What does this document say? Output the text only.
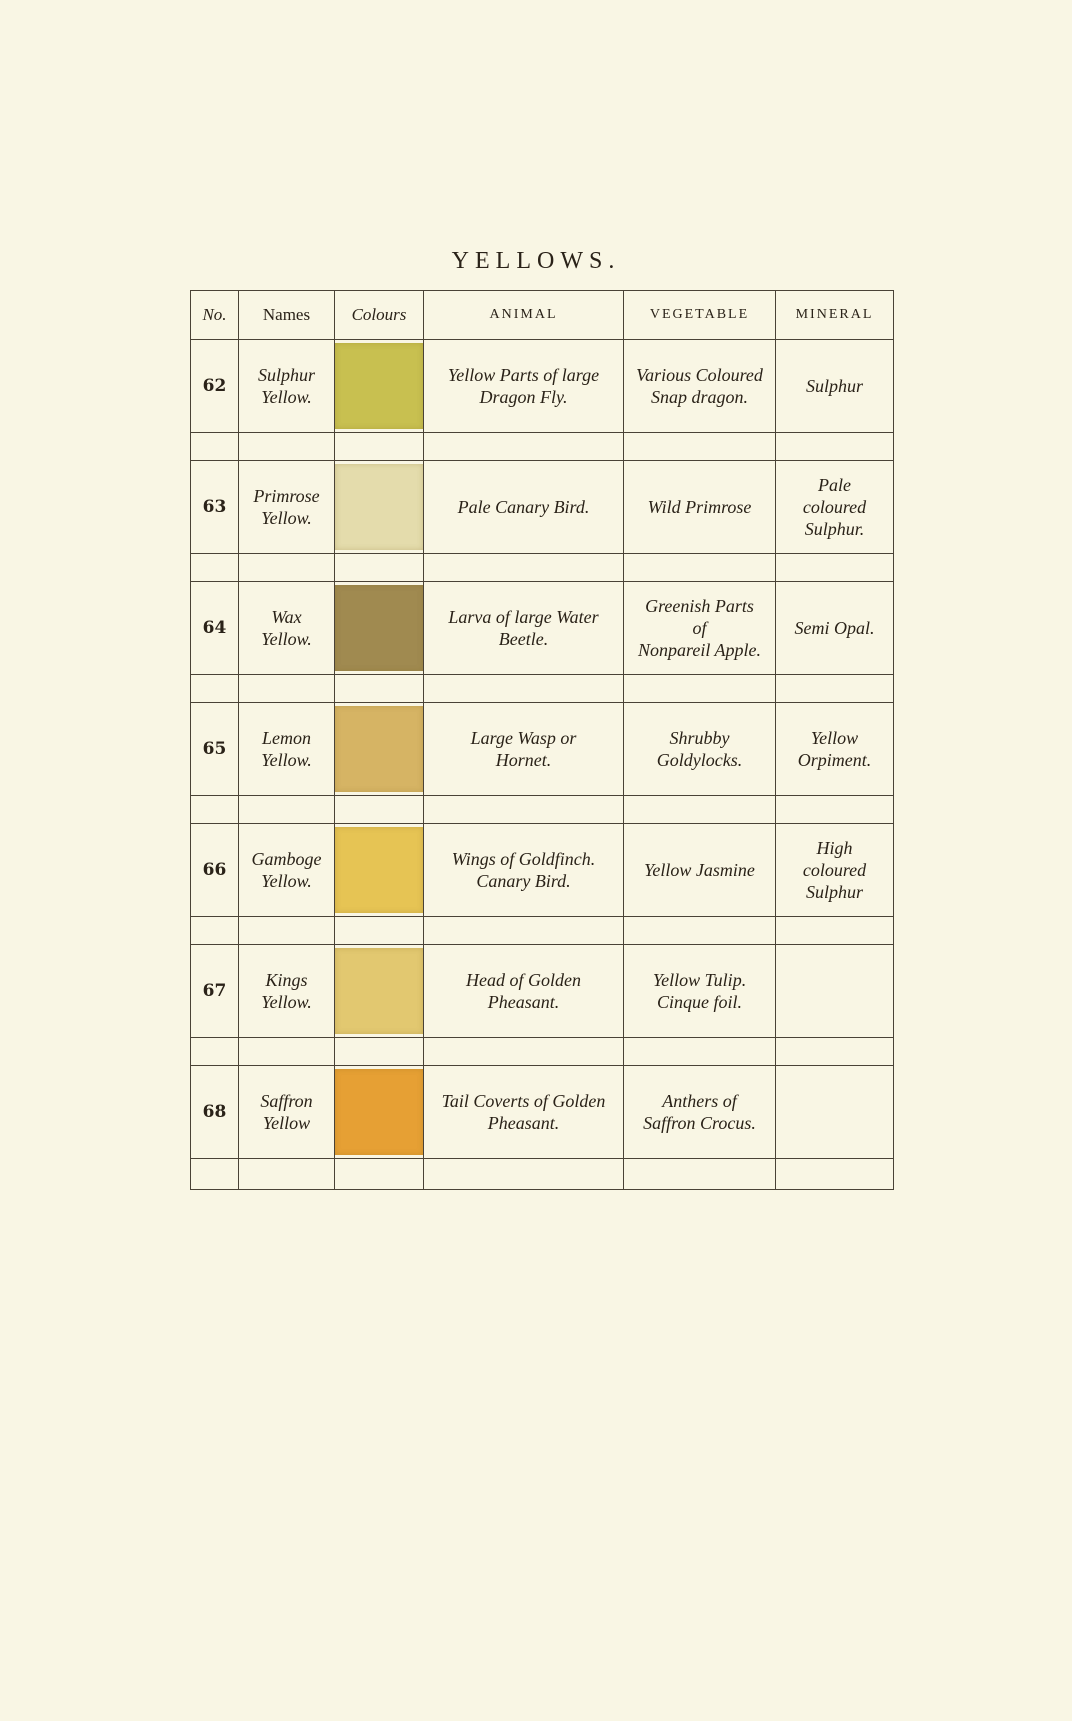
YELLOWS.
No.	Names	Colours	ANIMAL	VEGETABLE	MINERAL
62	Sulphur
Yellow.		Yellow Parts of large
Dragon Fly.	Various Coloured
Snap dragon.	Sulphur

63	Primrose
Yellow.		Pale Canary Bird.	Wild Primrose	Pale
coloured
Sulphur.

64	Wax
Yellow.		Larva of large Water
Beetle.	Greenish Parts
of
Nonpareil Apple.	Semi Opal.

65	Lemon
Yellow.		Large Wasp or
Hornet.	Shrubby
Goldylocks.	Yellow
Orpiment.

66	Gamboge
Yellow.		Wings of Goldfinch.
Canary Bird.	Yellow Jasmine	High
coloured
Sulphur

67	Kings
Yellow.		Head of Golden
Pheasant.	Yellow Tulip.
Cinque foil.	

68	Saffron
Yellow		Tail Coverts of Golden
Pheasant.	Anthers of
Saffron Crocus.	
